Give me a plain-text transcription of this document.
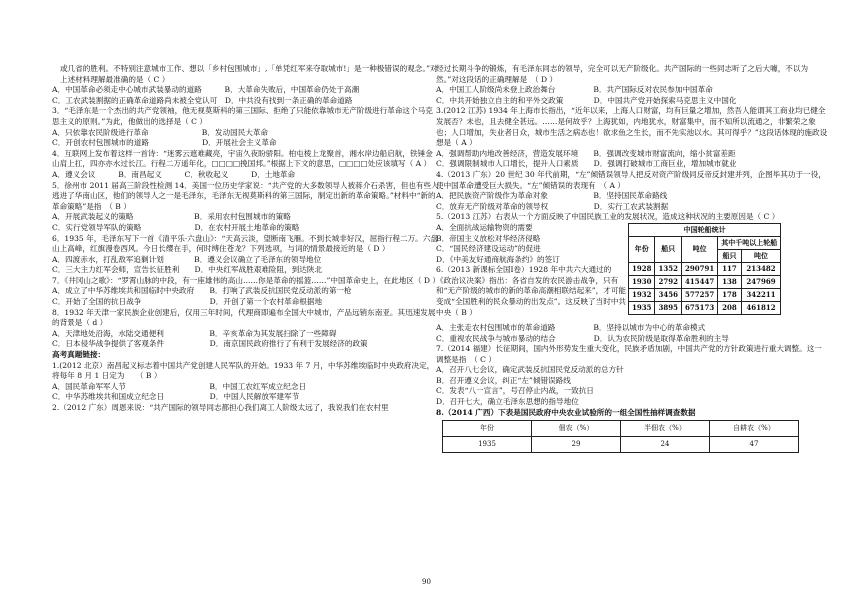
或几省的胜利。不特别注意城市工作、想以「乡村包围城市」,「单凭红军来夺取城市!」是一种极错误的观念。”对上述材料理解最准确的是（ C ）
A．中国革命必须走中心城市武装暴动的道路　　　B．大革命失败后，中国革命仍处于高潮
C．工农武装割据的正确革命道路尚未被全党认可　D．中共没有找到一条正确的革命道路
3．“毛泽东是一个杰出的共产党领袖，他无视莫斯科的第三国际、拒绝了只能依靠城市无产阶级进行革命这个马克思主义的原则。”为此，他做出的选择是（ C ）
A．只依靠农民阶级进行革命　　　　　　　B．发动国民大革命
C．开创农村包围城市的道路　　　　　　　D．开展社会主义革命
4．互联网上发布着这样一首诗：“迷雾云遮难藏亮，宇宙久夜盼骄阳。柏屯棱上龙聚首，湘水岸边船启航，铁锤金山肩上扛，四亦亦水过长江。行程二万遥年化，□□□□挽国邦。”根据上下文的意思，□□□□处应该填写（ A ）
A．遵义会议　　　B．南昌起义　　　C．秋收起义　　　D．土地革命
5．徐州市 2011 届高三阶段性检测 14．美国一位历史学家说：“共产党的大多数领导人被蒋介石杀害，但也有些人逃进了华南山区，他们的领导人之一是毛泽东，毛泽东无视莫斯科的第三国际，制定出新的革命策略。”材料中“新的革命策略”是指　（ B ）
A．开展武装起义的策略　　　　　　　　B．采用农村包围城市的策略
C．实行党领导军队的策略　　　　　　　D．在农村开展土地革命的策略
6．1935 年，毛泽东写下一首《清平乐·六盘山》：“天高云淡，望断南飞雁。不到长城非好汉，屈指行程二万。六盘山上高峰，红旗漫卷西风。今日长缨在手，何时缚住苍龙？下列选项，与词的情景最接近的是（ D ）
A．四渡赤水，打乱敌军追剿计划　　　　B．遵义会议确立了毛泽东的领导地位
C．三大主力红军会师，宣告长征胜利　　D．中央红军战胜艰难险阻，到达陕北
7．《井冈山之歌》：“罗霄山脉的中段，有一座雄伟的高山……你是革命的摇篮……”中国革命史上，在此地区（ D ）
A．成立了中华苏维埃共和国临时中央政府　　B．打响了武装反抗国民党反动派的第一枪
C．开始了全国的抗日战争　　　　　　　　　D．开创了第一个农村革命根据地
8．1932 年天津一家民族企业创建后，仅用三年时间，代理商即遍布全国大中城市，产品远销东南亚。其迅速发展的背景是（ d ）
A．天津地处沿海，水陆交通便利　　　　　　B．辛亥革命为其发展扫除了一些障碍
C．日本侵华战争提供了客观条件　　　　　　D．南京国民政府推行了有利于发展经济的政策
高考真题链接：
1.(2012 北京）南昌起义标志着中国共产党创建人民军队的开始。1933 年 7 月，中华苏维埃临时中央政府决定，将每年 8 月 1 日定为　　（ B ）
A．国民革命军军人节　　　　　　　　　　　B．中国工农红军成立纪念日
C．中华苏维埃共和国成立纪念日　　　　　　D．中国人民解放军建军节
2.（2012 广东）周恩来说：“共产国际的领导同志都担心我们离工人阶级太远了，我说我们在农村里
经过长期斗争的锻炼，有毛泽东同志的领导，完全可以无产阶级化。共产国际的一些同志听了之后大噱，不以为然。”对这段话的正确理解是　（ D ）
A．中国工人阶级尚未登上政治舞台　　　　　B．共产国际反对农民参加中国革命
C．中共开始独立自主的和平外交政策　　　　D．中国共产党开始探索马克思主义中国化
3.(2012 江苏) 1934 年上海市长指出，“近年以来，上海人口财富，均有巨量之增加，然吾人能谓其工商业均已健全发展否？未也，且去健全甚远。……是何故乎？上海犹如，内地犹水，财富集中，而不知所以流通之，非繁荣之象也；人口增加，失业者日众，城市生活之病态也！欲求鱼之生长，而不先实池以水。其可得乎？”这段话体现的施政设想是（ A ）
A．强调帮助内地改善经济，营造发展环境　　B．强调改变城市财富流向，缩小贫富差距
C．强调限制城市人口增长，提升人口素质　　D．强调打破城市工商巨业，增加城市就业
4.（2013 广东）20 世纪 30 年代前期，“左”倾错误领导人把反对资产阶级同反帝反封建并列，企图毕其功于一役，使中国革命遭受巨大损失。“左”倾错误的表现有　（ A ）
A．把民族资产阶级作为革命对象　　　　　　B．坚持国民革命路线
C．放弃无产阶级对革命的领导权　　　　　　D．实行工农武装割据
5.（2013 江苏）右表从一个方面反映了中国民族工业的发展状况，造成这种状况的主要原因是（ C ）
A．全面抗战运输物资的需要
B．帝国主义放松对华经济侵略
C．“国民经济建设运动”的促进
D．《中美友好通商航海条约》的签订
6.（2013 新课标全国Ⅰ卷）1928 年中共六大通过的《政治议决案》指出：各省自发的农民游击战争，只有和“无产阶级的城市的新的革命高潮相联结起来”，才可能变成“全国胜利的民众暴动的出发点”。这反映了当时中共中央（ B ）
中国轮船统计				
年份	船只	吨位	其中千吨以上轮船	
			船只	吨位
1928	1352	290791	117	213482
1930	2792	415447	138	247969
1932	3456	577257	178	342211
1935	3895	675173	208	461812
A．主张走农村包围城市的革命道路　　　　　B．坚持以城市为中心的革命模式
C．重视农民战争与城市暴动的结合　　　　　D．认为农民阶级是取得革命胜利的主导
7.（2014 福建）长征期间，国内外形势发生重大变化，民族矛盾加剧，中国共产党的方针政策进行重大调整。这一调整是指　（ C ）
A．召开八七会议，确定武装反抗国民党反动派的总方针
B．召开遵义会议，纠正“左”倾错误路线
C．发表“八一宣言”，号召停止内战，一致抗日
D．召开七大，确立毛泽东思想的指导地位
8.（2014 广西）下表是国民政府中央农业试验所的一组全国性抽样调查数据
年份	佃农（%）	半佃农（%）	自耕农（%）
1935	29	24	47
90
